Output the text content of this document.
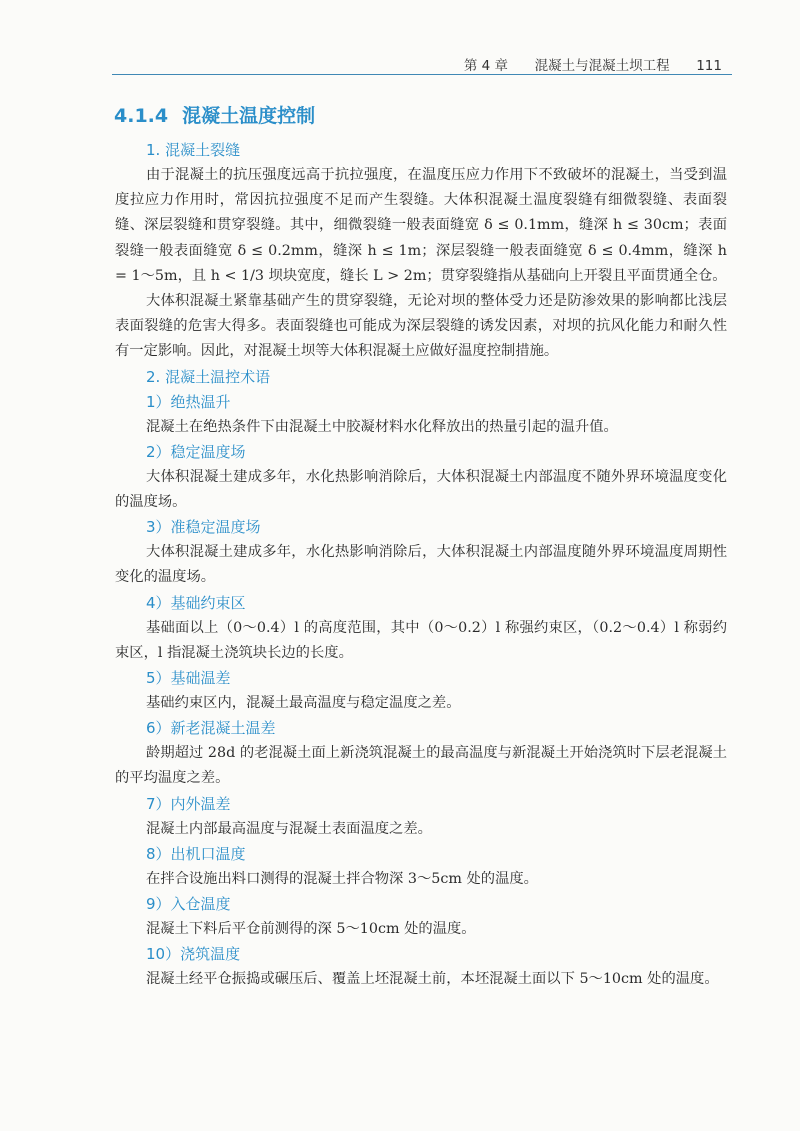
第 4 章 混凝土与混凝土坝工程 111
4.1.4 混凝土温度控制
1. 混凝土裂缝

由于混凝土的抗压强度远高于抗拉强度，在温度压应力作用下不致破坏的混凝土，当受到温度拉应力作用时，常因抗拉强度不足而产生裂缝。大体积混凝土温度裂缝有细微裂缝、表面裂缝、深层裂缝和贯穿裂缝。其中，细微裂缝一般表面缝宽 δ ≤ 0.1mm，缝深 h ≤ 30cm；表面裂缝一般表面缝宽 δ ≤ 0.2mm，缝深 h ≤ 1m；深层裂缝一般表面缝宽 δ ≤ 0.4mm，缝深 h = 1～5m，且 h < 1/3 坝块宽度，缝长 L > 2m；贯穿裂缝指从基础向上开裂且平面贯通全仓。

大体积混凝土紧靠基础产生的贯穿裂缝，无论对坝的整体受力还是防渗效果的影响都比浅层表面裂缝的危害大得多。表面裂缝也可能成为深层裂缝的诱发因素，对坝的抗风化能力和耐久性有一定影响。因此，对混凝土坝等大体积混凝土应做好温度控制措施。

2. 混凝土温控术语
1）绝热温升

混凝土在绝热条件下由混凝土中胶凝材料水化释放出的热量引起的温升值。

2）稳定温度场

大体积混凝土建成多年，水化热影响消除后，大体积混凝土内部温度不随外界环境温度变化的温度场。

3）准稳定温度场

大体积混凝土建成多年，水化热影响消除后，大体积混凝土内部温度随外界环境温度周期性变化的温度场。

4）基础约束区

基础面以上（0～0.4）l 的高度范围，其中（0～0.2）l 称强约束区，（0.2～0.4）l 称弱约束区，l 指混凝土浇筑块长边的长度。

5）基础温差

基础约束区内，混凝土最高温度与稳定温度之差。

6）新老混凝土温差

龄期超过 28d 的老混凝土面上新浇筑混凝土的最高温度与新混凝土开始浇筑时下层老混凝土的平均温度之差。

7）内外温差

混凝土内部最高温度与混凝土表面温度之差。

8）出机口温度

在拌合设施出料口测得的混凝土拌合物深 3～5cm 处的温度。

9）入仓温度

混凝土下料后平仓前测得的深 5～10cm 处的温度。

10）浇筑温度

混凝土经平仓振捣或碾压后、覆盖上坯混凝土前，本坯混凝土面以下 5～10cm 处的温度。
